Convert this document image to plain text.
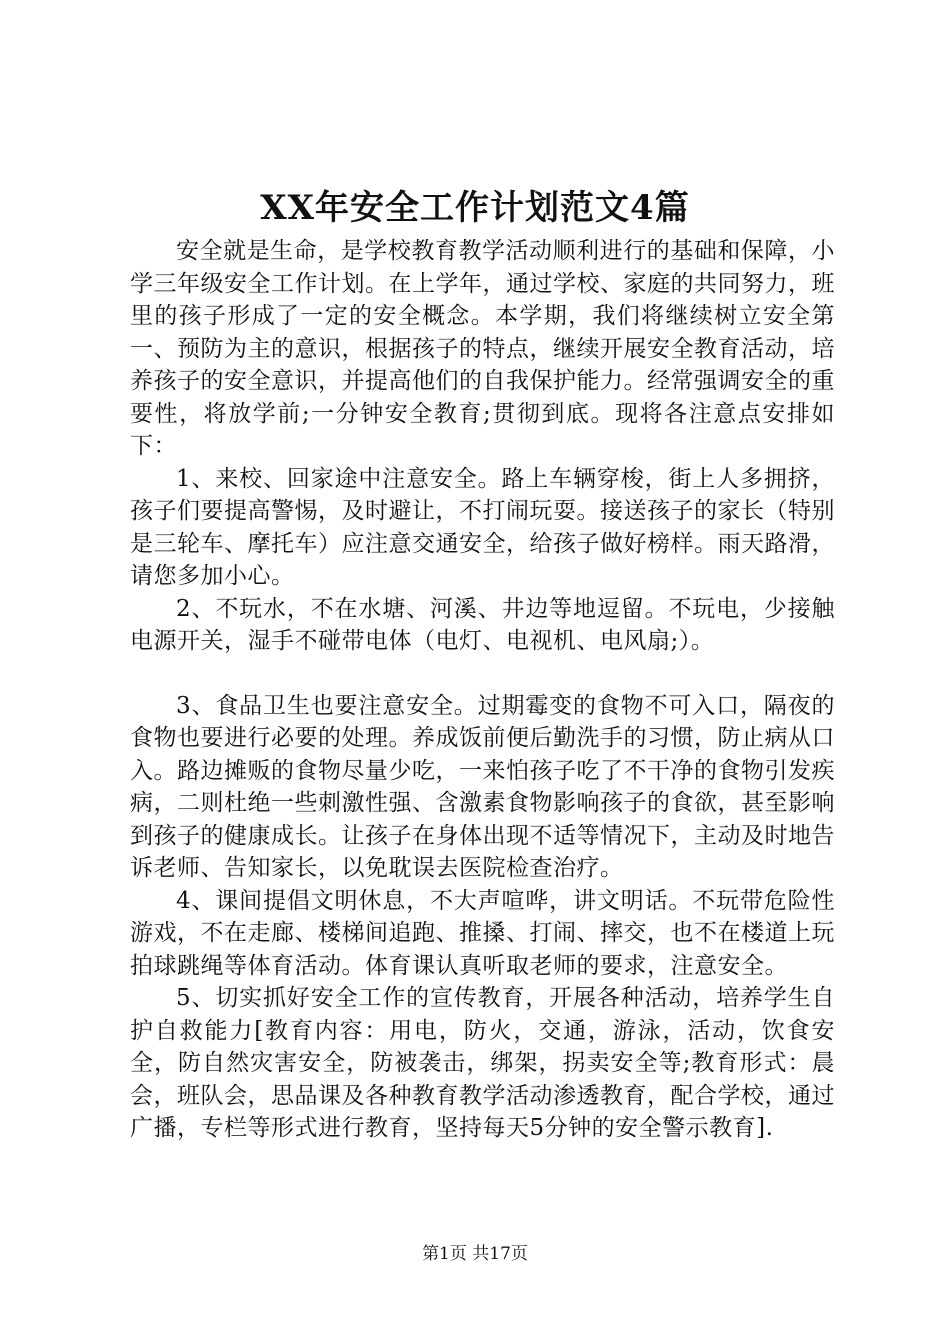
XX年安全工作计划范文4篇

安全就是生命，是学校教育教学活动顺利进行的基础和保障，小学三年级安全工作计划。在上学年，通过学校、家庭的共同努力，班里的孩子形成了一定的安全概念。本学期，我们将继续树立安全第一、预防为主的意识，根据孩子的特点，继续开展安全教育活动，培养孩子的安全意识，并提高他们的自我保护能力。经常强调安全的重要性，将放学前;一分钟安全教育;贯彻到底。现将各注意点安排如下：

1、来校、回家途中注意安全。路上车辆穿梭，街上人多拥挤，孩子们要提高警惕，及时避让，不打闹玩耍。接送孩子的家长（特别是三轮车、摩托车）应注意交通安全，给孩子做好榜样。雨天路滑，请您多加小心。

2、不玩水，不在水塘、河溪、井边等地逗留。不玩电，少接触电源开关，湿手不碰带电体（电灯、电视机、电风扇;）。

3、食品卫生也要注意安全。过期霉变的食物不可入口，隔夜的食物也要进行必要的处理。养成饭前便后勤洗手的习惯，防止病从口入。路边摊贩的食物尽量少吃，一来怕孩子吃了不干净的食物引发疾病，二则杜绝一些刺激性强、含激素食物影响孩子的食欲，甚至影响到孩子的健康成长。让孩子在身体出现不适等情况下，主动及时地告诉老师、告知家长，以免耽误去医院检查治疗。

4、课间提倡文明休息，不大声喧哗，讲文明话。不玩带危险性游戏，不在走廊、楼梯间追跑、推搡、打闹、摔交，也不在楼道上玩拍球跳绳等体育活动。体育课认真听取老师的要求，注意安全。

5、切实抓好安全工作的宣传教育，开展各种活动，培养学生自护自救能力[教育内容：用电，防火，交通，游泳，活动，饮食安全，防自然灾害安全，防被袭击，绑架，拐卖安全等;教育形式：晨会，班队会，思品课及各种教育教学活动渗透教育，配合学校，通过广播，专栏等形式进行教育，坚持每天5分钟的安全警示教育].

第1页 共17页
